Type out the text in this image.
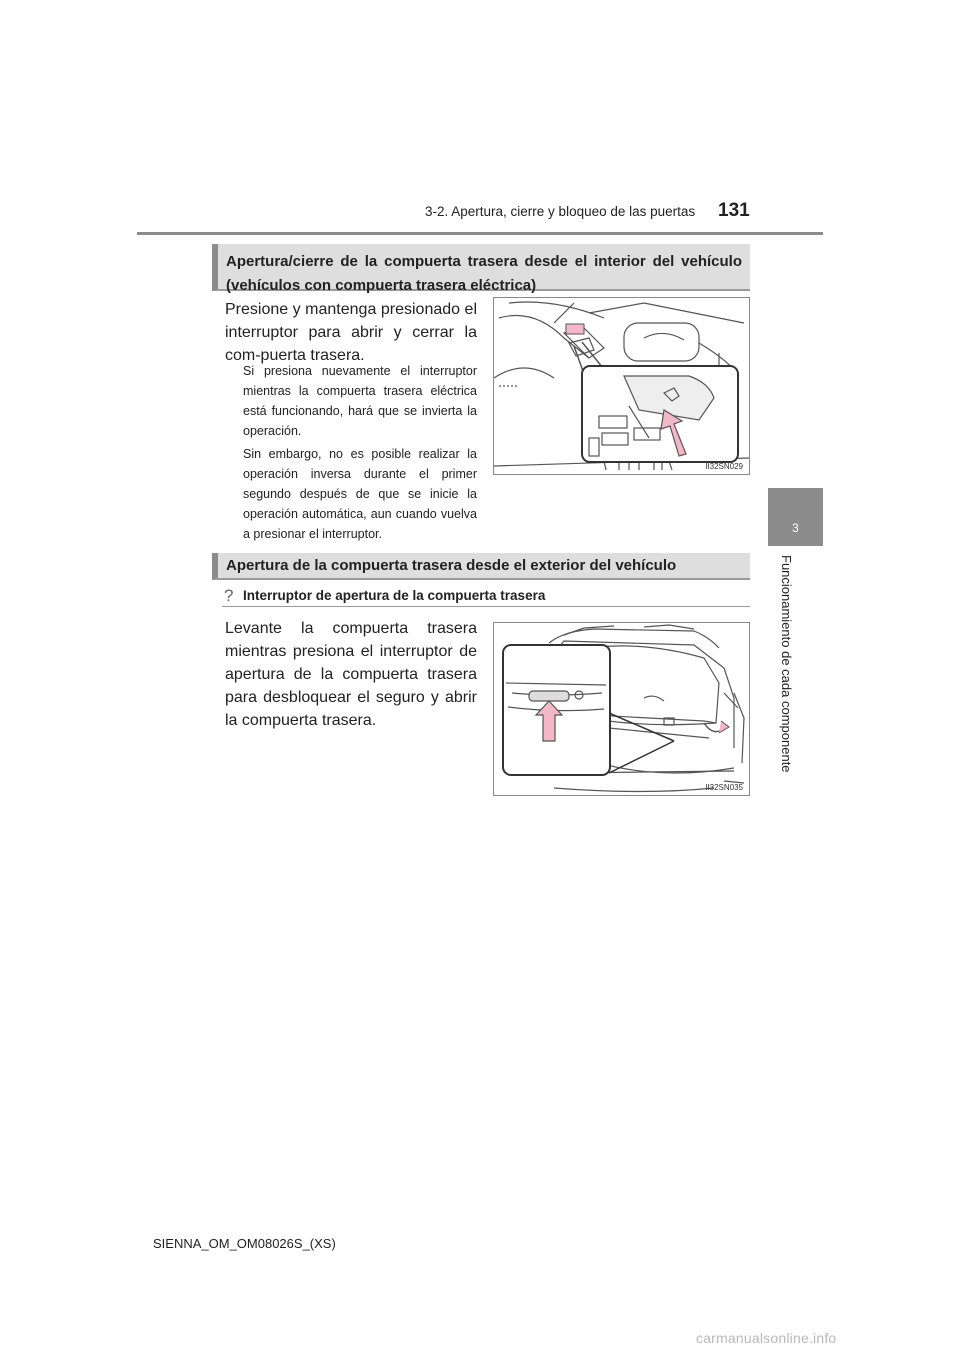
3-2. Apertura, cierre y bloqueo de las puertas 131
3
Funcionamiento de cada componente
Apertura/cierre de la compuerta trasera desde el interior del vehículo (vehículos con compuerta trasera eléctrica)
Presione y mantenga presionado el interruptor para abrir y cerrar la com-puerta trasera.
Si presiona nuevamente el interruptor mientras la compuerta trasera eléctrica está funcionando, hará que se invierta la operación.
Sin embargo, no es posible realizar la operación inversa durante el primer segundo después de que se inicie la operación automática, aun cuando vuelva a presionar el interruptor.
II32SN029
Apertura de la compuerta trasera desde el exterior del vehículo
? Interruptor de apertura de la compuerta trasera
Levante la compuerta trasera mientras presiona el interruptor de apertura de la compuerta trasera para desbloquear el seguro y abrir la compuerta trasera.
II32SN035
SIENNA_OM_OM08026S_(XS)
carmanualsonline.info
